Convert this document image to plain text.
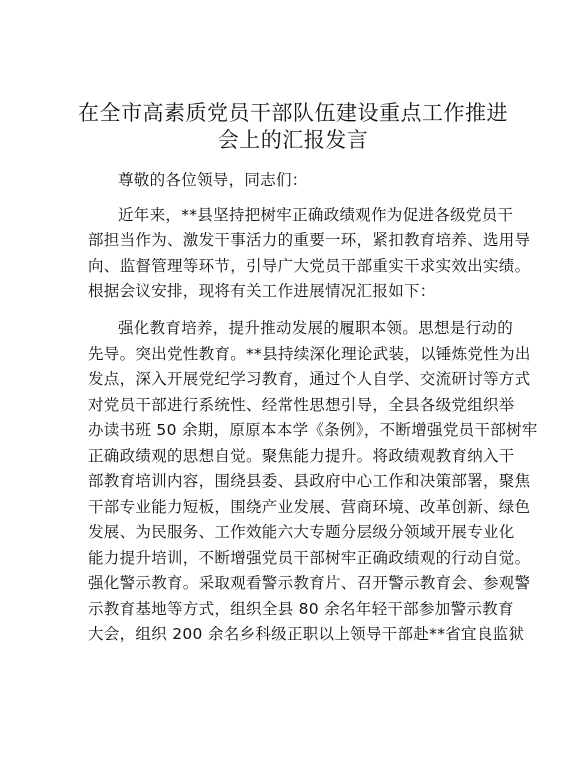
在全市高素质党员干部队伍建设重点工作推进
会上的汇报发言
尊敬的各位领导，同志们：
近年来，**县坚持把树牢正确政绩观作为促进各级党员干
部担当作为、激发干事活力的重要一环，紧扣教育培养、选用导
向、监督管理等环节，引导广大党员干部重实干求实效出实绩。
根据会议安排，现将有关工作进展情况汇报如下：
强化教育培养，提升推动发展的履职本领。思想是行动的
先导。突出党性教育。**县持续深化理论武装，以锤炼党性为出
发点，深入开展党纪学习教育，通过个人自学、交流研讨等方式
对党员干部进行系统性、经常性思想引导，全县各级党组织举
办读书班 50 余期，原原本本学《条例》，不断增强党员干部树牢
正确政绩观的思想自觉。聚焦能力提升。将政绩观教育纳入干
部教育培训内容，围绕县委、县政府中心工作和决策部署，聚焦
干部专业能力短板，围绕产业发展、营商环境、改革创新、绿色
发展、为民服务、工作效能六大专题分层级分领域开展专业化
能力提升培训，不断增强党员干部树牢正确政绩观的行动自觉。
强化警示教育。采取观看警示教育片、召开警示教育会、参观警
示教育基地等方式，组织全县 80 余名年轻干部参加警示教育
大会，组织 200 余名乡科级正职以上领导干部赴**省宜良监狱
